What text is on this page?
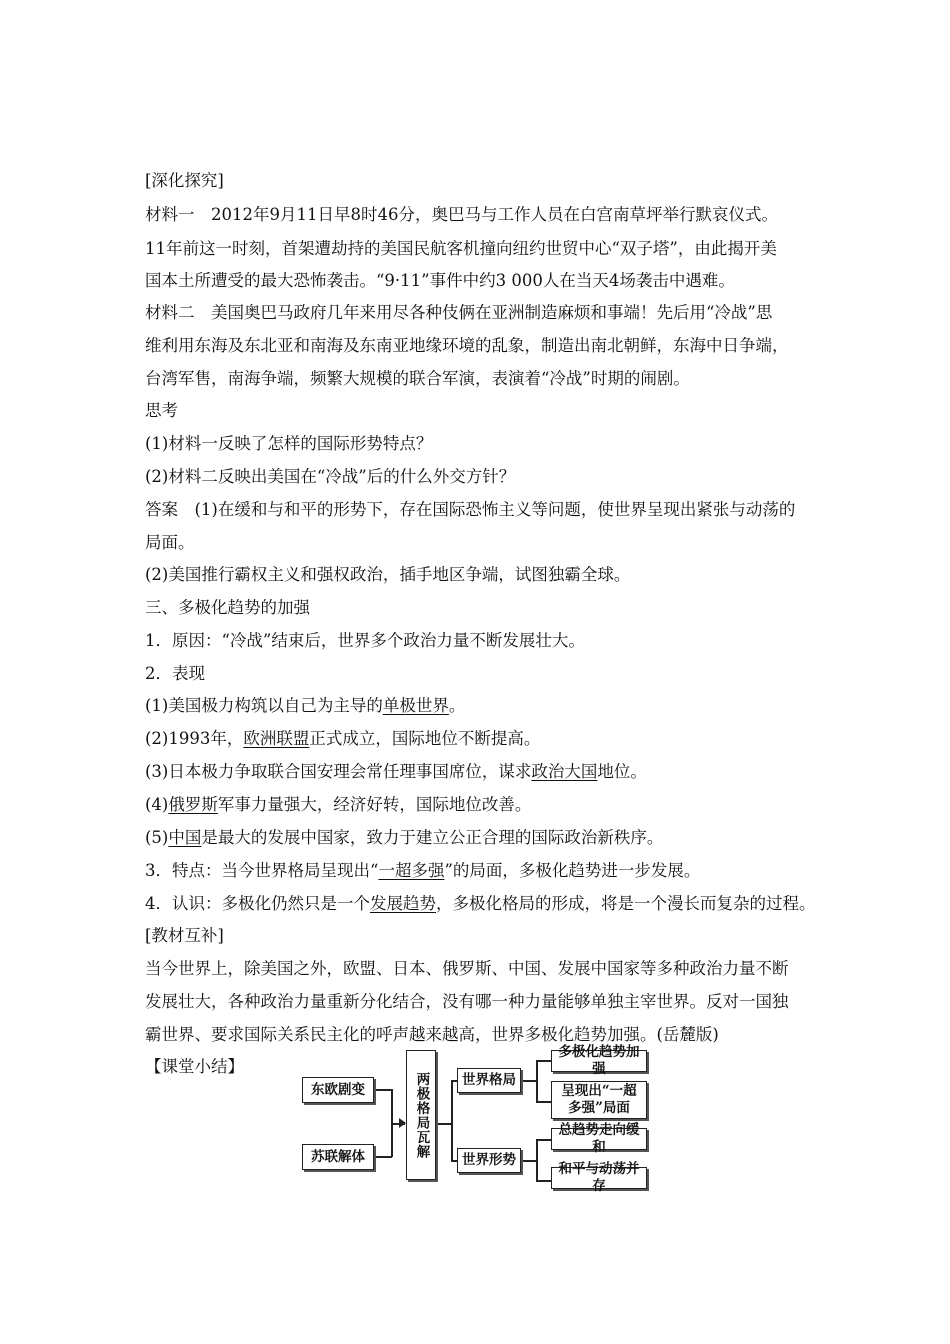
[深化探究]
材料一　2012年9月11日早8时46分，奥巴马与工作人员在白宫南草坪举行默哀仪式。
11年前这一时刻，首架遭劫持的美国民航客机撞向纽约世贸中心“双子塔”，由此揭开美
国本土所遭受的最大恐怖袭击。“9·11”事件中约3 000人在当天4场袭击中遇难。
材料二　美国奥巴马政府几年来用尽各种伎俩在亚洲制造麻烦和事端！先后用“冷战”思
维利用东海及东北亚和南海及东南亚地缘环境的乱象，制造出南北朝鲜，东海中日争端，
台湾军售，南海争端，频繁大规模的联合军演，表演着“冷战”时期的闹剧。
思考
(1)材料一反映了怎样的国际形势特点？
(2)材料二反映出美国在“冷战”后的什么外交方针？
答案　(1)在缓和与和平的形势下，存在国际恐怖主义等问题，使世界呈现出紧张与动荡的
局面。
(2)美国推行霸权主义和强权政治，插手地区争端，试图独霸全球。
三、多极化趋势的加强
1．原因：“冷战”结束后，世界多个政治力量不断发展壮大。
2．表现
(1)美国极力构筑以自己为主导的单极世界。
(2)1993年，欧洲联盟正式成立，国际地位不断提高。
(3)日本极力争取联合国安理会常任理事国席位，谋求政治大国地位。
(4)俄罗斯军事力量强大，经济好转，国际地位改善。
(5)中国是最大的发展中国家，致力于建立公正合理的国际政治新秩序。
3．特点：当今世界格局呈现出“一超多强”的局面，多极化趋势进一步发展。
4．认识：多极化仍然只是一个发展趋势，多极化格局的形成，将是一个漫长而复杂的过程。
[教材互补]
当今世界上，除美国之外，欧盟、日本、俄罗斯、中国、发展中国家等多种政治力量不断
发展壮大，各种政治力量重新分化结合，没有哪一种力量能够单独主宰世界。反对一国独
霸世界、要求国际关系民主化的呼声越来越高，世界多极化趋势加强。(岳麓版)
【课堂小结】
东欧剧变
苏联解体	两极格局瓦解	世界格局
世界形势
多极化趋势加强
呈现出“一超多强”局面
总趋势走向缓和
和平与动荡并存
